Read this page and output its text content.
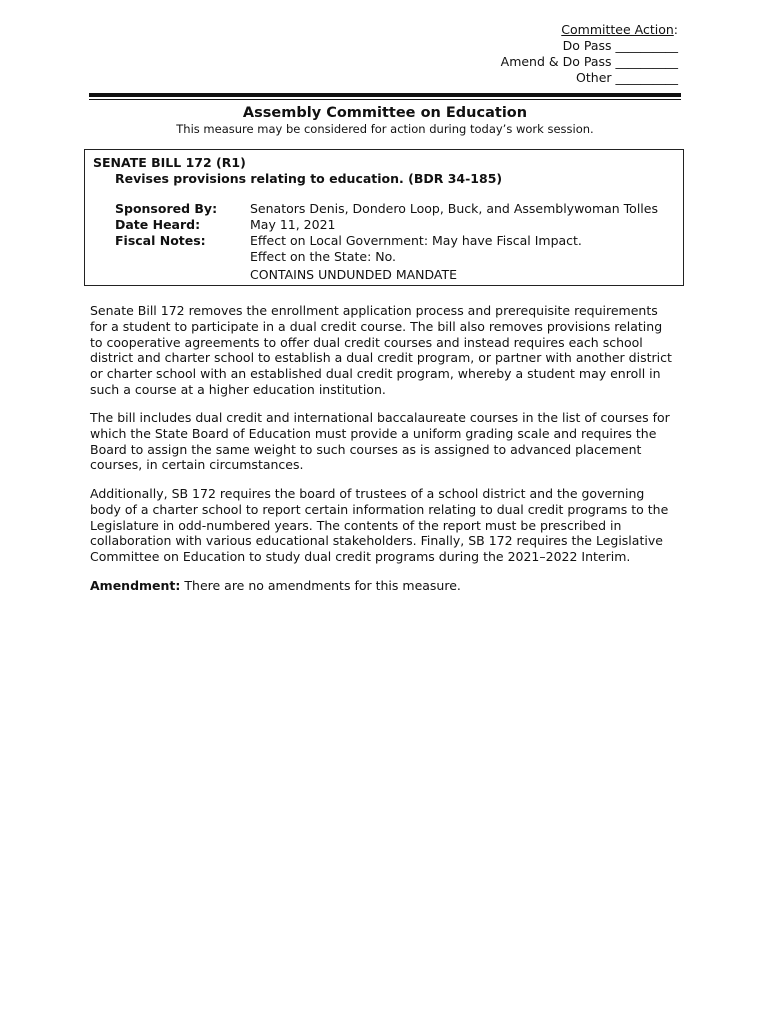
Committee Action:
Do Pass __________
Amend & Do Pass __________
Other __________
Assembly Committee on Education
This measure may be considered for action during today’s work session.
SENATE BILL 172 (R1)
Revises provisions relating to education. (BDR 34-185)
Sponsored By:	Senators Denis, Dondero Loop, Buck, and Assemblywoman Tolles
Date Heard:	May 11, 2021
Fiscal Notes:	Effect on Local Government: May have Fiscal Impact.
Effect on the State: No.
CONTAINS UNDUNDED MANDATE
Senate Bill 172 removes the enrollment application process and prerequisite requirements
for a student to participate in a dual credit course. The bill also removes provisions relating
to cooperative agreements to offer dual credit courses and instead requires each school
district and charter school to establish a dual credit program, or partner with another district
or charter school with an established dual credit program, whereby a student may enroll in
such a course at a higher education institution.
The bill includes dual credit and international baccalaureate courses in the list of courses for
which the State Board of Education must provide a uniform grading scale and requires the
Board to assign the same weight to such courses as is assigned to advanced placement
courses, in certain circumstances.
Additionally, SB 172 requires the board of trustees of a school district and the governing
body of a charter school to report certain information relating to dual credit programs to the
Legislature in odd-numbered years. The contents of the report must be prescribed in
collaboration with various educational stakeholders. Finally, SB 172 requires the Legislative
Committee on Education to study dual credit programs during the 2021–2022 Interim.
Amendment: There are no amendments for this measure.
